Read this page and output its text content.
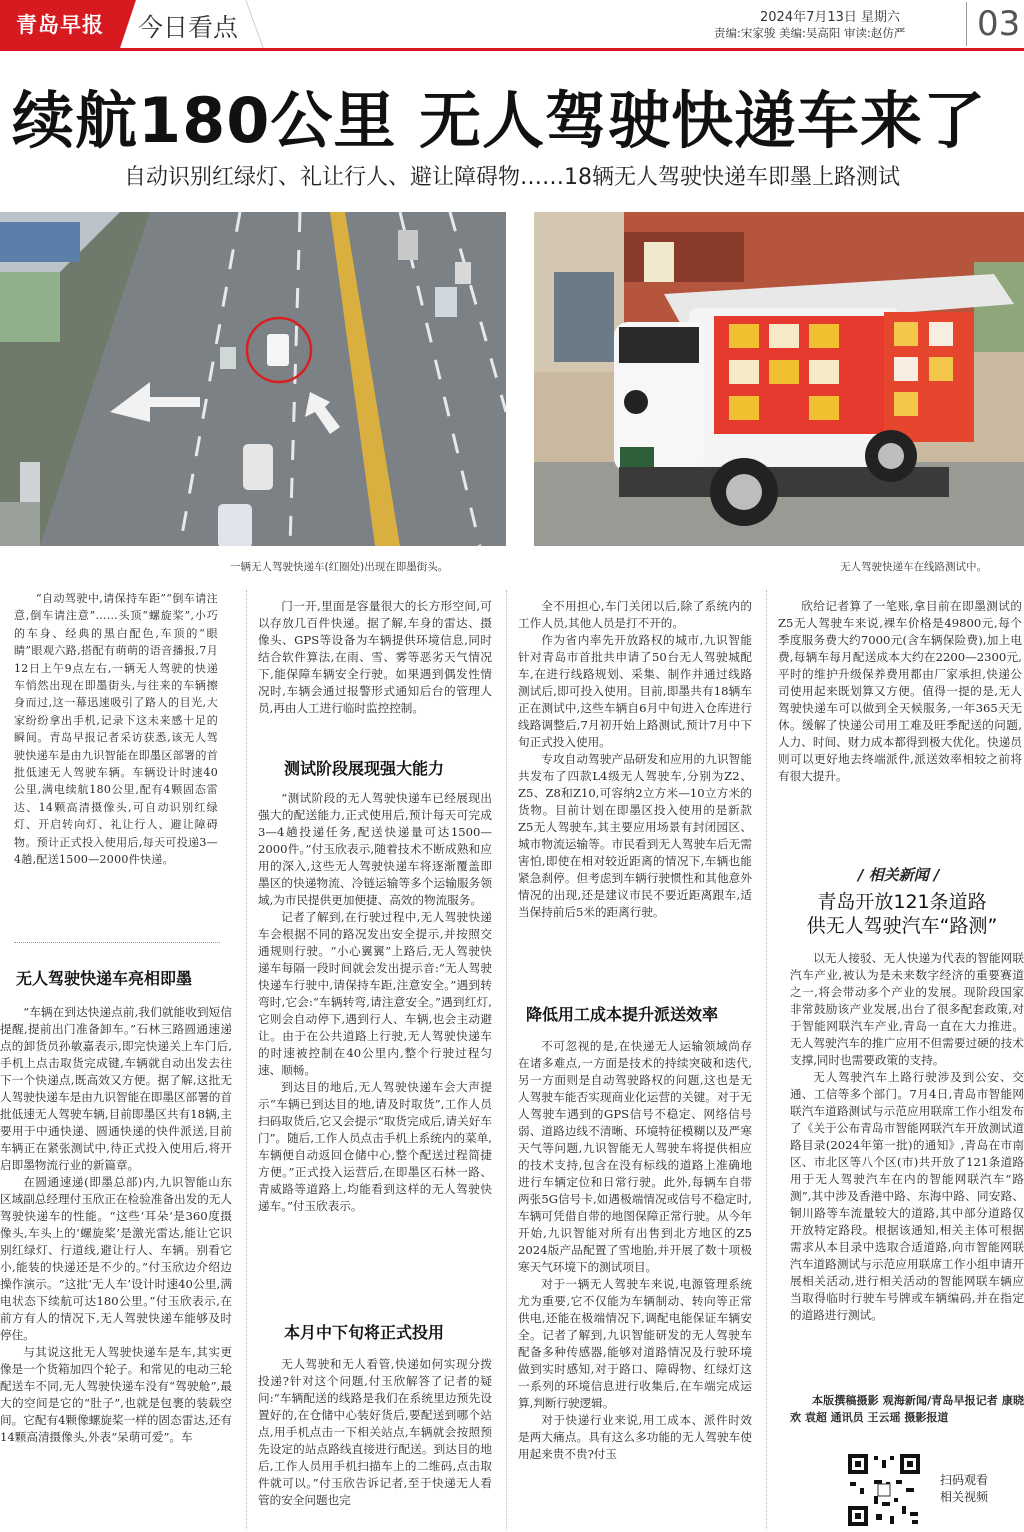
青岛早报	今日看点	2024年7月13日 星期六
责编:宋家骏 美编:吴高阳 审读:赵仿严	03
续航180公里 无人驾驶快递车来了
自动识别红绿灯、礼让行人、避让障碍物……18辆无人驾驶快递车即墨上路测试
一辆无人驾驶快递车(红圈处)出现在即墨街头。	无人驾驶快递车在线路测试中。

“自动驾驶中,请保持车距”“倒车请注意,倒车请注意”……头顶“螺旋桨”,小巧的车身、经典的黑白配色,车顶的“眼睛”眼观六路,搭配有萌萌的语音播报,7月12日上午9点左右,一辆无人驾驶的快递车悄然出现在即墨街头,与往来的车辆擦身而过,这一幕迅速吸引了路人的目光,大家纷纷拿出手机,记录下这未来感十足的瞬间。青岛早报记者采访获悉,该无人驾驶快递车是由九识智能在即墨区部署的首批低速无人驾驶车辆。车辆设计时速40公里,满电续航180公里,配有4颗固态雷达、14颗高清摄像头,可自动识别红绿灯、开启转向灯、礼让行人、避让障碍物。预计正式投入使用后,每天可投递3—4趟,配送1500—2000件快递。

无人驾驶快递车亮相即墨

“车辆在到达快递点前,我们就能收到短信提醒,提前出门准备卸车。”石林三路圆通速递点的卸货员孙敏嘉表示,即完快递关上车门后,手机上点击取货完成键,车辆就自动出发去往下一个快递点,既高效又方便。据了解,这批无人驾驶快递车是由九识智能在即墨区部署的首批低速无人驾驶车辆,目前即墨区共有18辆,主要用于中通快递、圆通快递的快件派送,目前车辆正在紧张测试中,待正式投入使用后,将开启即墨物流行业的新篇章。

在圆通速递(即墨总部)内,九识智能山东区域副总经理付玉欣正在检验准备出发的无人驾驶快递车的性能。“这些‘耳朵’是360度摄像头,车头上的‘螺旋桨’是激光雷达,能让它识别红绿灯、行道线,避让行人、车辆。别看它小,能装的快递还是不少的。”付玉欣边介绍边操作演示。“这批‘无人车’设计时速40公里,满电状态下续航可达180公里。”付玉欣表示,在前方有人的情况下,无人驾驶快递车能够及时停住。

与其说这批无人驾驶快递车是车,其实更像是一个货箱加四个轮子。和常见的电动三轮配送车不同,无人驾驶快递车没有“驾驶舱”,最大的空间是它的“肚子”,也就是包裹的装载空间。它配有4颗像螺旋桨一样的固态雷达,还有14颗高清摄像头,外表“呆萌可爱”。车

门一开,里面是容量很大的长方形空间,可以存放几百件快递。据了解,车身的雷达、摄像头、GPS等设备为车辆提供环境信息,同时结合软件算法,在雨、雪、雾等恶劣天气情况下,能保障车辆安全行驶。如果遇到偶发性情况时,车辆会通过报警形式通知后台的管理人员,再由人工进行临时监控控制。

测试阶段展现强大能力

“测试阶段的无人驾驶快递车已经展现出强大的配送能力,正式使用后,预计每天可完成3—4趟投递任务,配送快递量可达1500—2000件。”付玉欣表示,随着技术不断成熟和应用的深入,这些无人驾驶快递车将逐渐覆盖即墨区的快递物流、冷链运输等多个运输服务领域,为市民提供更加便捷、高效的物流服务。

记者了解到,在行驶过程中,无人驾驶快递车会根据不同的路况发出安全提示,并按照交通规则行驶。“小心翼翼”上路后,无人驾驶快递车每隔一段时间就会发出提示音:“无人驾驶快递车行驶中,请保持车距,注意安全。”遇到转弯时,它会:“车辆转弯,请注意安全。”遇到红灯,它则会自动停下,遇到行人、车辆,也会主动避让。由于在公共道路上行驶,无人驾驶快递车的时速被控制在40公里内,整个行驶过程匀速、顺畅。

到达目的地后,无人驾驶快递车会大声提示“车辆已到达目的地,请及时取货”,工作人员扫码取货后,它又会提示“取货完成后,请关好车门”。随后,工作人员点击手机上系统内的菜单,车辆便自动返回仓储中心,整个配送过程简捷方便。”正式投入运营后,在即墨区石林一路、青威路等道路上,均能看到这样的无人驾驶快递车。”付玉欣表示。

本月中下旬将正式投用

无人驾驶和无人看管,快递如何实现分拨投递?针对这个问题,付玉欣解答了记者的疑问:“车辆配送的线路是我们在系统里边预先设置好的,在仓储中心装好货后,要配送到哪个站点,用手机点击一下相关站点,车辆就会按照预先设定的站点路线直接进行配送。到达目的地后,工作人员用手机扫描车上的二维码,点击取件就可以。”付玉欣告诉记者,至于快递无人看管的安全问题也完

全不用担心,车门关闭以后,除了系统内的工作人员,其他人员是打不开的。

作为省内率先开放路权的城市,九识智能针对青岛市首批共申请了50台无人驾驶城配车,在进行线路规划、采集、制作并通过线路测试后,即可投入使用。目前,即墨共有18辆车正在测试中,这些车辆自6月中旬进入仓库进行线路调整后,7月初开始上路测试,预计7月中下旬正式投入使用。

专攻自动驾驶产品研发和应用的九识智能共发布了四款L4级无人驾驶车,分别为Z2、Z5、Z8和Z10,可容纳2立方米—10立方米的货物。目前计划在即墨区投入使用的是新款Z5无人驾驶车,其主要应用场景有封闭园区、城市物流运输等。市民看到无人驾驶车后无需害怕,即使在相对较近距离的情况下,车辆也能紧急刹停。但考虑到车辆行驶惯性和其他意外情况的出现,还是建议市民不要近距离跟车,适当保持前后5米的距离行驶。

降低用工成本提升派送效率

不可忽视的是,在快递无人运输领域尚存在诸多难点,一方面是技术的持续突破和迭代,另一方面则是自动驾驶路权的问题,这也是无人驾驶车能否实现商业化运营的关键。对于无人驾驶车遇到的GPS信号不稳定、网络信号弱、道路边线不清晰、环境特征模糊以及严寒天气等问题,九识智能无人驾驶车将提供相应的技术支持,包含在没有标线的道路上准确地进行车辆定位和日常行驶。此外,每辆车自带两张5G信号卡,如遇极端情况或信号不稳定时,车辆可凭借自带的地图保障正常行驶。从今年开始,九识智能对所有出售到北方地区的Z5 2024版产品配置了雪地胎,并开展了数十项极寒天气环境下的测试项目。

对于一辆无人驾驶车来说,电源管理系统尤为重要,它不仅能为车辆制动、转向等正常供电,还能在极端情况下,调配电能保证车辆安全。记者了解到,九识智能研发的无人驾驶车配备多种传感器,能够对道路情况及行驶环境做到实时感知,对于路口、障碍物、红绿灯这一系列的环境信息进行收集后,在车端完成运算,判断行驶逻辑。

对于快递行业来说,用工成本、派件时效是两大痛点。具有这么多功能的无人驾驶车使用起来贵不贵?付玉

欣给记者算了一笔账,拿目前在即墨测试的Z5无人驾驶车来说,裸车价格是49800元,每个季度服务费大约7000元(含车辆保险费),加上电费,每辆车每月配送成本大约在2200—2300元,平时的维护升级保养费用都由厂家承担,快递公司使用起来既划算又方便。值得一提的是,无人驾驶快递车可以做到全天候服务,一年365天无休。缓解了快递公司用工难及旺季配送的问题,人力、时间、财力成本都得到极大优化。快递员则可以更好地去终端派件,派送效率相较之前将有很大提升。

/ 相关新闻 /
青岛开放121条道路
供无人驾驶汽车“路测”

以无人接驳、无人快递为代表的智能网联汽车产业,被认为是未来数字经济的重要赛道之一,将会带动多个产业的发展。现阶段国家非常鼓励该产业发展,出台了很多配套政策,对于智能网联汽车产业,青岛一直在大力推进。无人驾驶汽车的推广应用不但需要过硬的技术支撑,同时也需要政策的支持。

无人驾驶汽车上路行驶涉及到公安、交通、工信等多个部门。7月4日,青岛市智能网联汽车道路测试与示范应用联席工作小组发布了《关于公布青岛市智能网联汽车开放测试道路目录(2024年第一批)的通知》,青岛在市南区、市北区等八个区(市)共开放了121条道路用于无人驾驶汽车在内的智能网联汽车“路测”,其中涉及香港中路、东海中路、同安路、铜川路等车流量较大的道路,其中部分道路仅开放特定路段。根据该通知,相关主体可根据需求从本目录中选取合适道路,向市智能网联汽车道路测试与示范应用联席工作小组申请开展相关活动,进行相关活动的智能网联车辆应当取得临时行驶车号牌或车辆编码,并在指定的道路进行测试。

本版撰稿摄影 观海新闻/青岛早报记者 康晓欢 袁超 通讯员 王云瑶 摄影报道

扫码观看
相关视频
